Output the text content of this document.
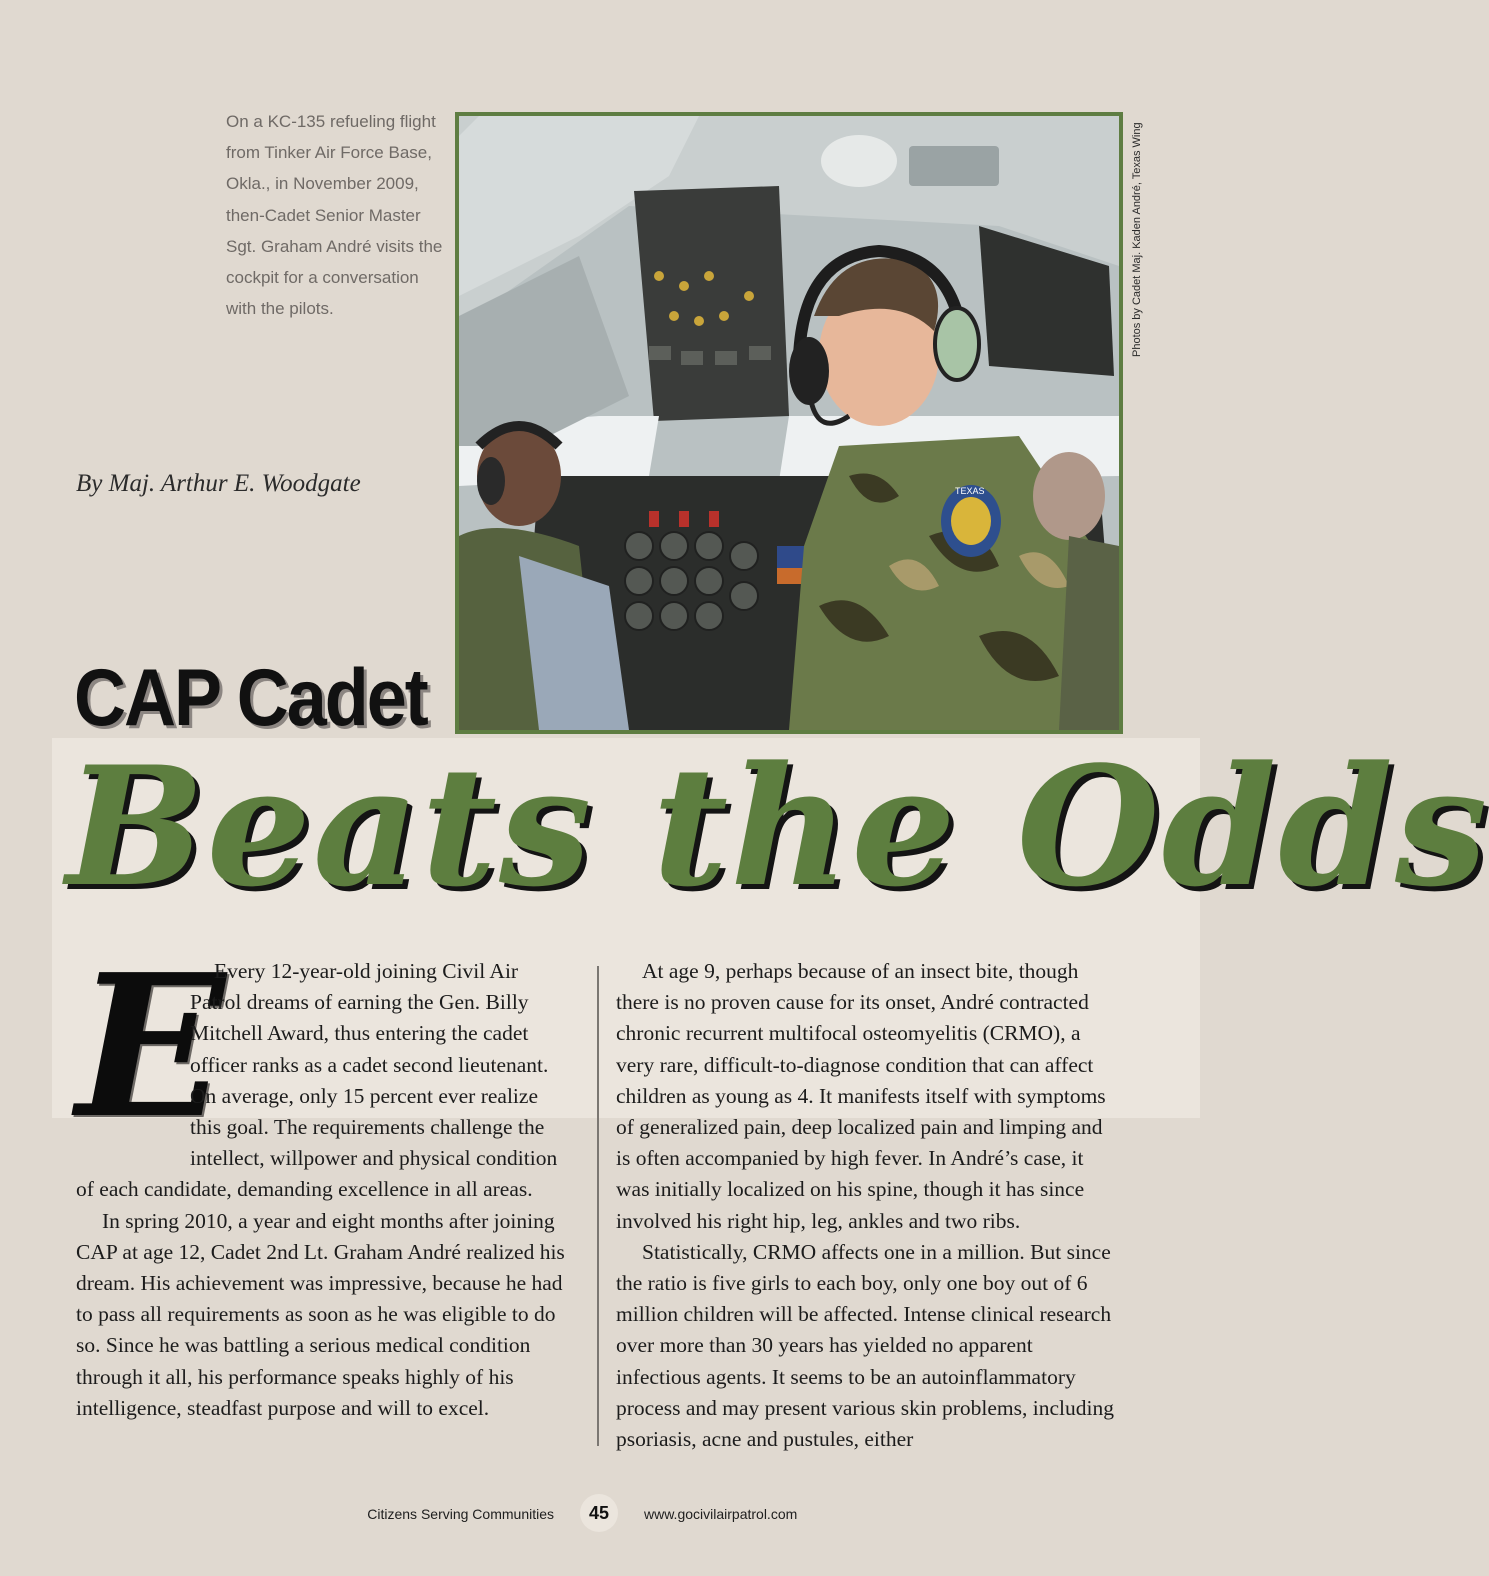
On a KC-135 refueling flight from Tinker Air Force Base, Okla., in November 2009, then-Cadet Senior Master Sgt. Graham André visits the cockpit for a conversation with the pilots.
TEXAS
Photos by Cadet Maj. Kaden André, Texas Wing
By Maj. Arthur E. Woodgate
CAP Cadet
Beats the Odds
E

Every 12-year-old joining Civil Air Patrol dreams of earning the Gen. Billy Mitchell Award, thus entering the cadet officer ranks as a cadet second lieutenant. On average, only 15 percent ever realize this goal. The requirements challenge the intellect, willpower and physical condition of each candidate, demanding excellence in all areas.

In spring 2010, a year and eight months after joining CAP at age 12, Cadet 2nd Lt. Graham André realized his dream. His achievement was impressive, because he had to pass all requirements as soon as he was eligible to do so. Since he was battling a serious medical condition through it all, his performance speaks highly of his intelligence, steadfast purpose and will to excel.

At age 9, perhaps because of an insect bite, though there is no proven cause for its onset, André contracted chronic recurrent multifocal osteomyelitis (CRMO), a very rare, difficult-to-diagnose condition that can affect children as young as 4. It manifests itself with symptoms of generalized pain, deep localized pain and limping and is often accompanied by high fever. In André’s case, it was initially localized on his spine, though it has since involved his right hip, leg, ankles and two ribs.

Statistically, CRMO affects one in a million. But since the ratio is five girls to each boy, only one boy out of 6 million children will be affected. Intense clinical research over more than 30 years has yielded no apparent infectious agents. It seems to be an autoinflammatory process and may present various skin problems, including psoriasis, acne and pustules, either

Citizens Serving Communities	45	www.gocivilairpatrol.com
